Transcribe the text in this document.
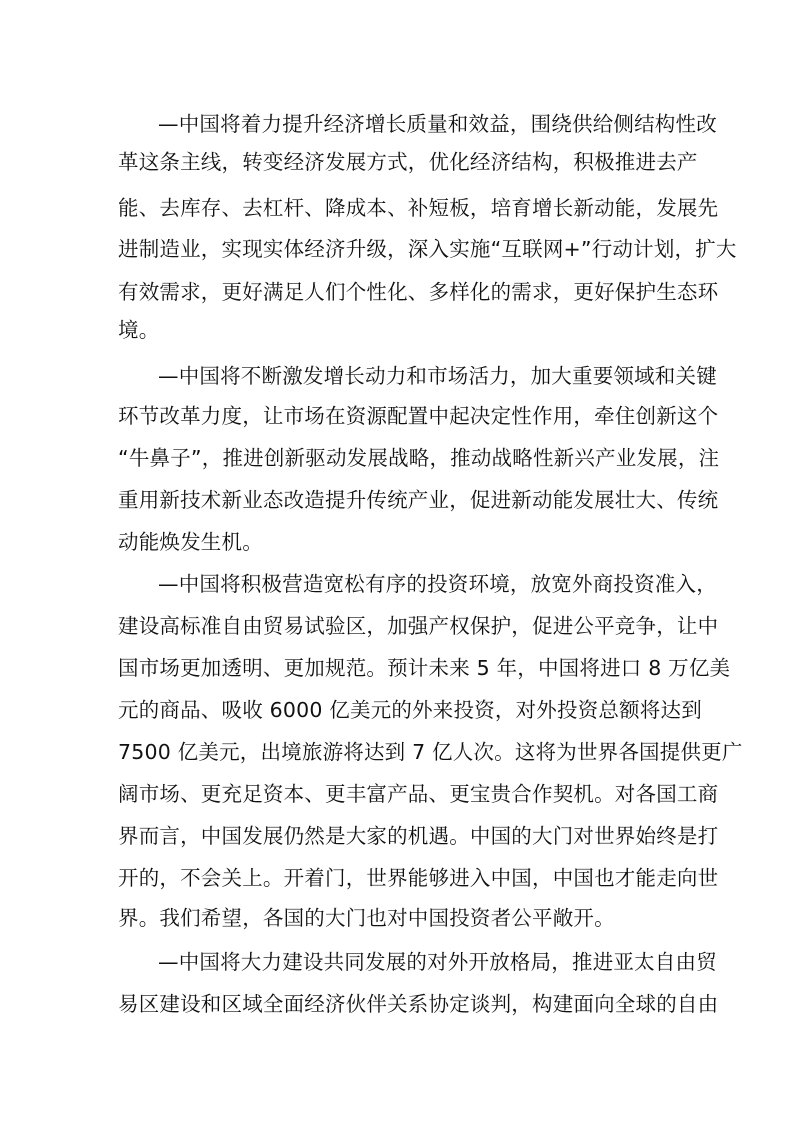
—中国将着力提升经济增长质量和效益，围绕供给侧结构性改
革这条主线，转变经济发展方式，优化经济结构，积极推进去产
能、去库存、去杠杆、降成本、补短板，培育增长新动能，发展先
进制造业，实现实体经济升级，深入实施“互联网+”行动计划，扩大
有效需求，更好满足人们个性化、多样化的需求，更好保护生态环
境。
—中国将不断激发增长动力和市场活力，加大重要领域和关键
环节改革力度，让市场在资源配置中起决定性作用，牵住创新这个
“牛鼻子”，推进创新驱动发展战略，推动战略性新兴产业发展，注
重用新技术新业态改造提升传统产业，促进新动能发展壮大、传统
动能焕发生机。
—中国将积极营造宽松有序的投资环境，放宽外商投资准入，
建设高标准自由贸易试验区，加强产权保护，促进公平竞争，让中
国市场更加透明、更加规范。预计未来 5 年，中国将进口 8 万亿美
元的商品、吸收 6000 亿美元的外来投资，对外投资总额将达到
7500 亿美元，出境旅游将达到 7 亿人次。这将为世界各国提供更广
阔市场、更充足资本、更丰富产品、更宝贵合作契机。对各国工商
界而言，中国发展仍然是大家的机遇。中国的大门对世界始终是打
开的，不会关上。开着门，世界能够进入中国，中国也才能走向世
界。我们希望，各国的大门也对中国投资者公平敞开。
—中国将大力建设共同发展的对外开放格局，推进亚太自由贸
易区建设和区域全面经济伙伴关系协定谈判，构建面向全球的自由
